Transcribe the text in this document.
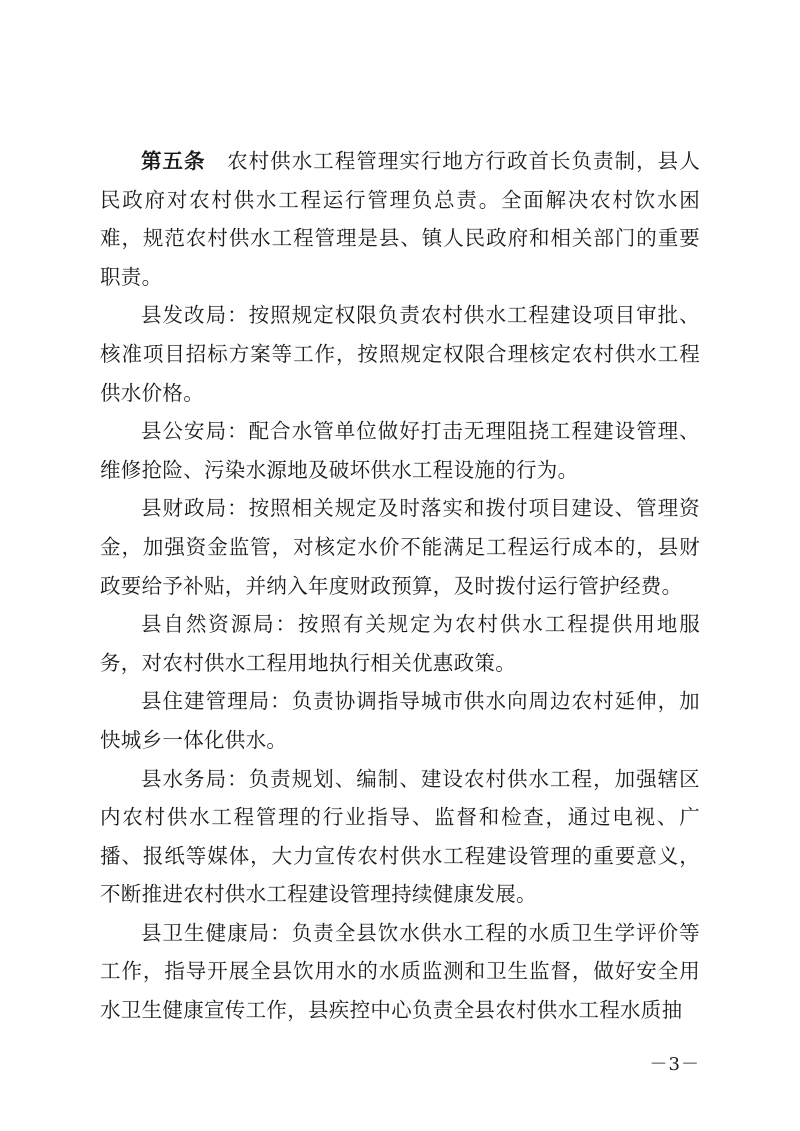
第五条　 农村供水工程管理实行地方行政首长负责制，县人民政府对农村供水工程运行管理负总责。全面解决农村饮水困难，规范农村供水工程管理是县、镇人民政府和相关部门的重要职责。

县发改局：按照规定权限负责农村供水工程建设项目审批、核准项目招标方案等工作，按照规定权限合理核定农村供水工程供水价格。

县公安局：配合水管单位做好打击无理阻挠工程建设管理、维修抢险、污染水源地及破坏供水工程设施的行为。

县财政局：按照相关规定及时落实和拨付项目建设、管理资金，加强资金监管，对核定水价不能满足工程运行成本的，县财政要给予补贴，并纳入年度财政预算，及时拨付运行管护经费。

县自然资源局：按照有关规定为农村供水工程提供用地服务，对农村供水工程用地执行相关优惠政策。

县住建管理局：负责协调指导城市供水向周边农村延伸，加快城乡一体化供水。

县水务局：负责规划、编制、建设农村供水工程，加强辖区内农村供水工程管理的行业指导、监督和检查，通过电视、广播、报纸等媒体，大力宣传农村供水工程建设管理的重要意义，不断推进农村供水工程建设管理持续健康发展。

县卫生健康局：负责全县饮水供水工程的水质卫生学评价等工作，指导开展全县饮用水的水质监测和卫生监督，做好安全用水卫生健康宣传工作，县疾控中心负责全县农村供水工程水质抽

－3－
